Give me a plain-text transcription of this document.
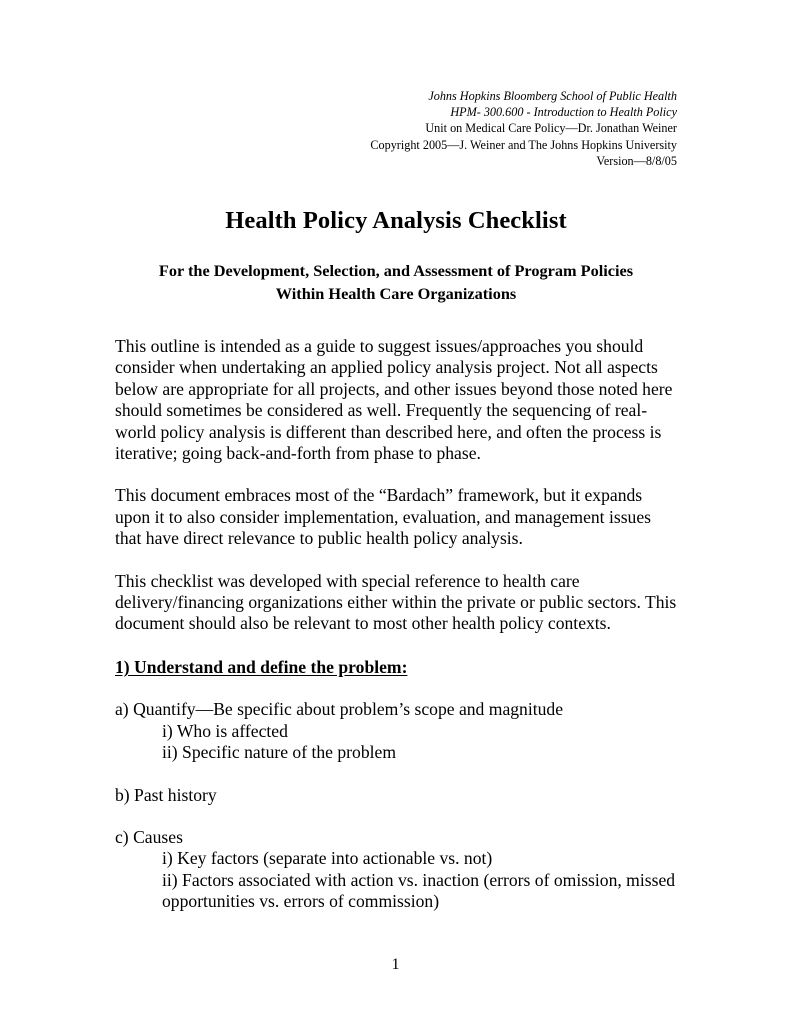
Johns Hopkins Bloomberg School of Public Health
HPM- 300.600 - Introduction to Health Policy
Unit on Medical Care Policy—Dr. Jonathan Weiner
Copyright 2005—J. Weiner and The Johns Hopkins University
Version—8/8/05
Health Policy Analysis Checklist
For the Development, Selection, and Assessment of Program Policies
Within Health Care Organizations

This outline is intended as a guide to suggest issues/approaches you should consider when undertaking an applied policy analysis project. Not all aspects below are appropriate for all projects, and other issues beyond those noted here should sometimes be considered as well. Frequently the sequencing of real-world policy analysis is different than described here, and often the process is iterative; going back-and-forth from phase to phase.

This document embraces most of the “Bardach” framework, but it expands upon it to also consider implementation, evaluation, and management issues that have direct relevance to public health policy analysis.

This checklist was developed with special reference to health care delivery/financing organizations either within the private or public sectors. This document should also be relevant to most other health policy contexts.

1) Understand and define the problem:
a) Quantify—Be specific about problem’s scope and magnitude
i) Who is affected
ii) Specific nature of the problem
b) Past history
c) Causes
i) Key factors (separate into actionable vs. not)
ii) Factors associated with action vs. inaction (errors of omission, missed opportunities vs. errors of commission)
1
